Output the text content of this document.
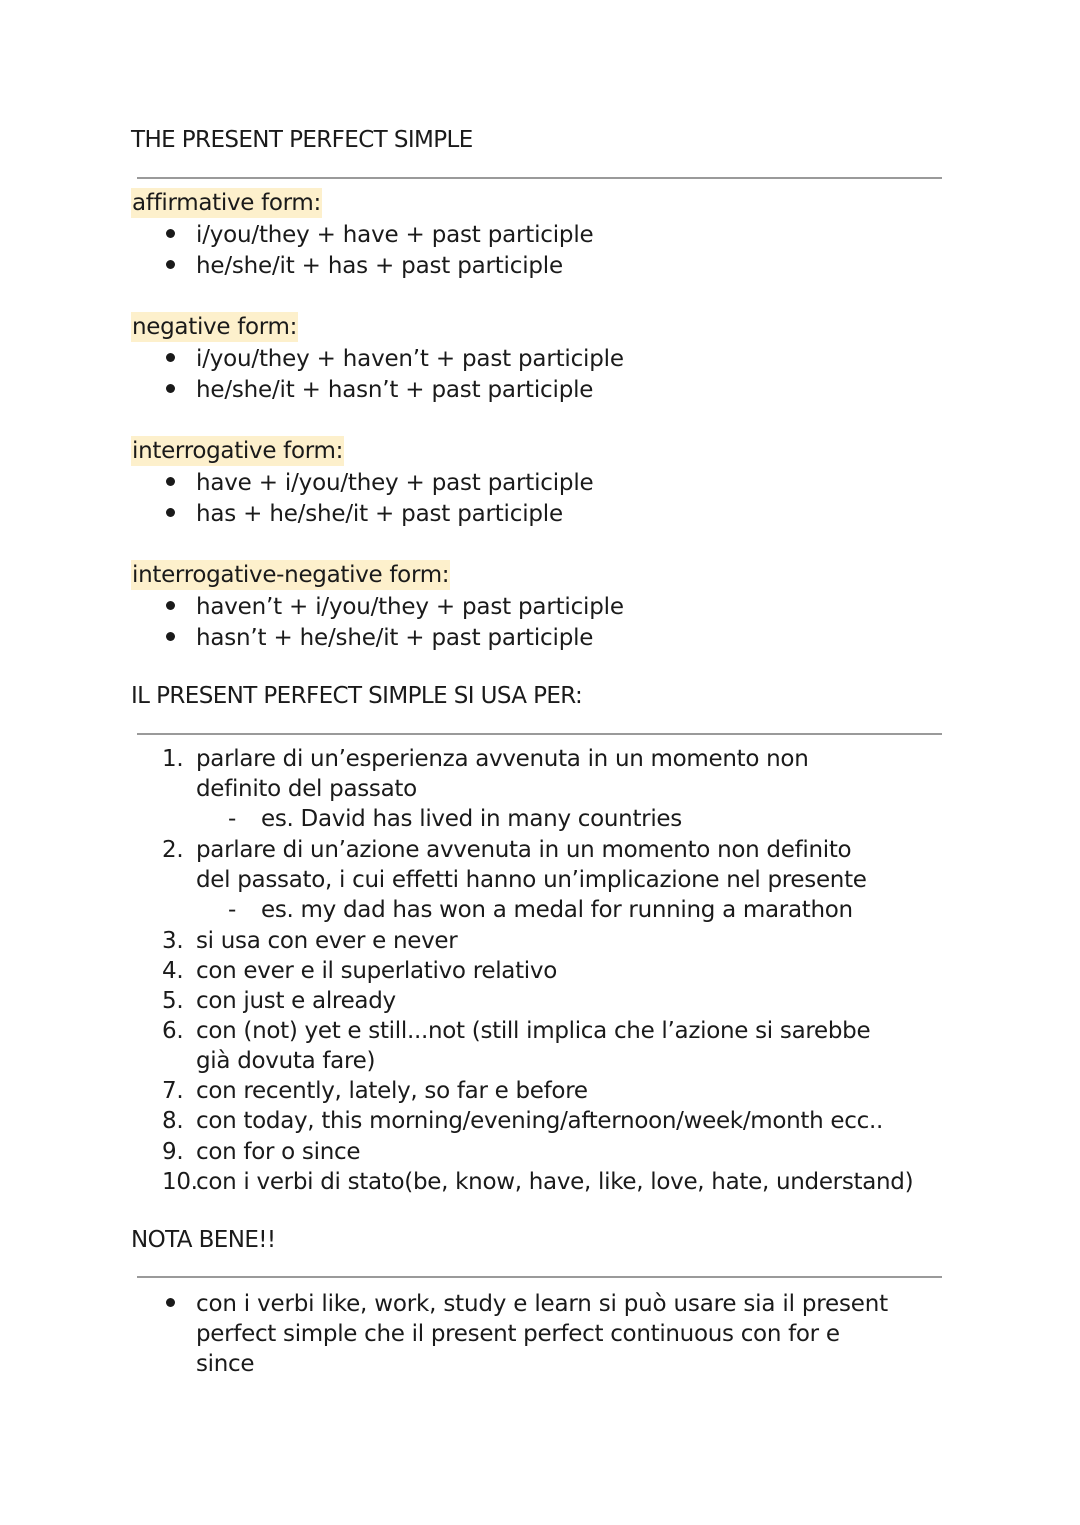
THE PRESENT PERFECT SIMPLE
affirmative form:
i/you/they + have + past participle
he/she/it + has + past participle
negative form:
i/you/they + haven’t + past participle
he/she/it + hasn’t + past participle
interrogative form:
have + i/you/they + past participle
has + he/she/it + past participle
interrogative-negative form:
haven’t + i/you/they + past participle
hasn’t + he/she/it + past participle
IL PRESENT PERFECT SIMPLE SI USA PER:
1. parlare di un’esperienza avvenuta in un momento non
definito del passato
- es. David has lived in many countries
2. parlare di un’azione avvenuta in un momento non definito
del passato, i cui effetti hanno un’implicazione nel presente
- es. my dad has won a medal for running a marathon
3. si usa con ever e never
4. con ever e il superlativo relativo
5. con just e already
6. con (not) yet e still...not (still implica che l’azione si sarebbe
già dovuta fare)
7. con recently, lately, so far e before
8. con today, this morning/evening/afternoon/week/month ecc..
9. con for o since
10.con i verbi di stato(be, know, have, like, love, hate, understand)
NOTA BENE!!
con i verbi like, work, study e learn si può usare sia il present
perfect simple che il present perfect continuous con for e
since
